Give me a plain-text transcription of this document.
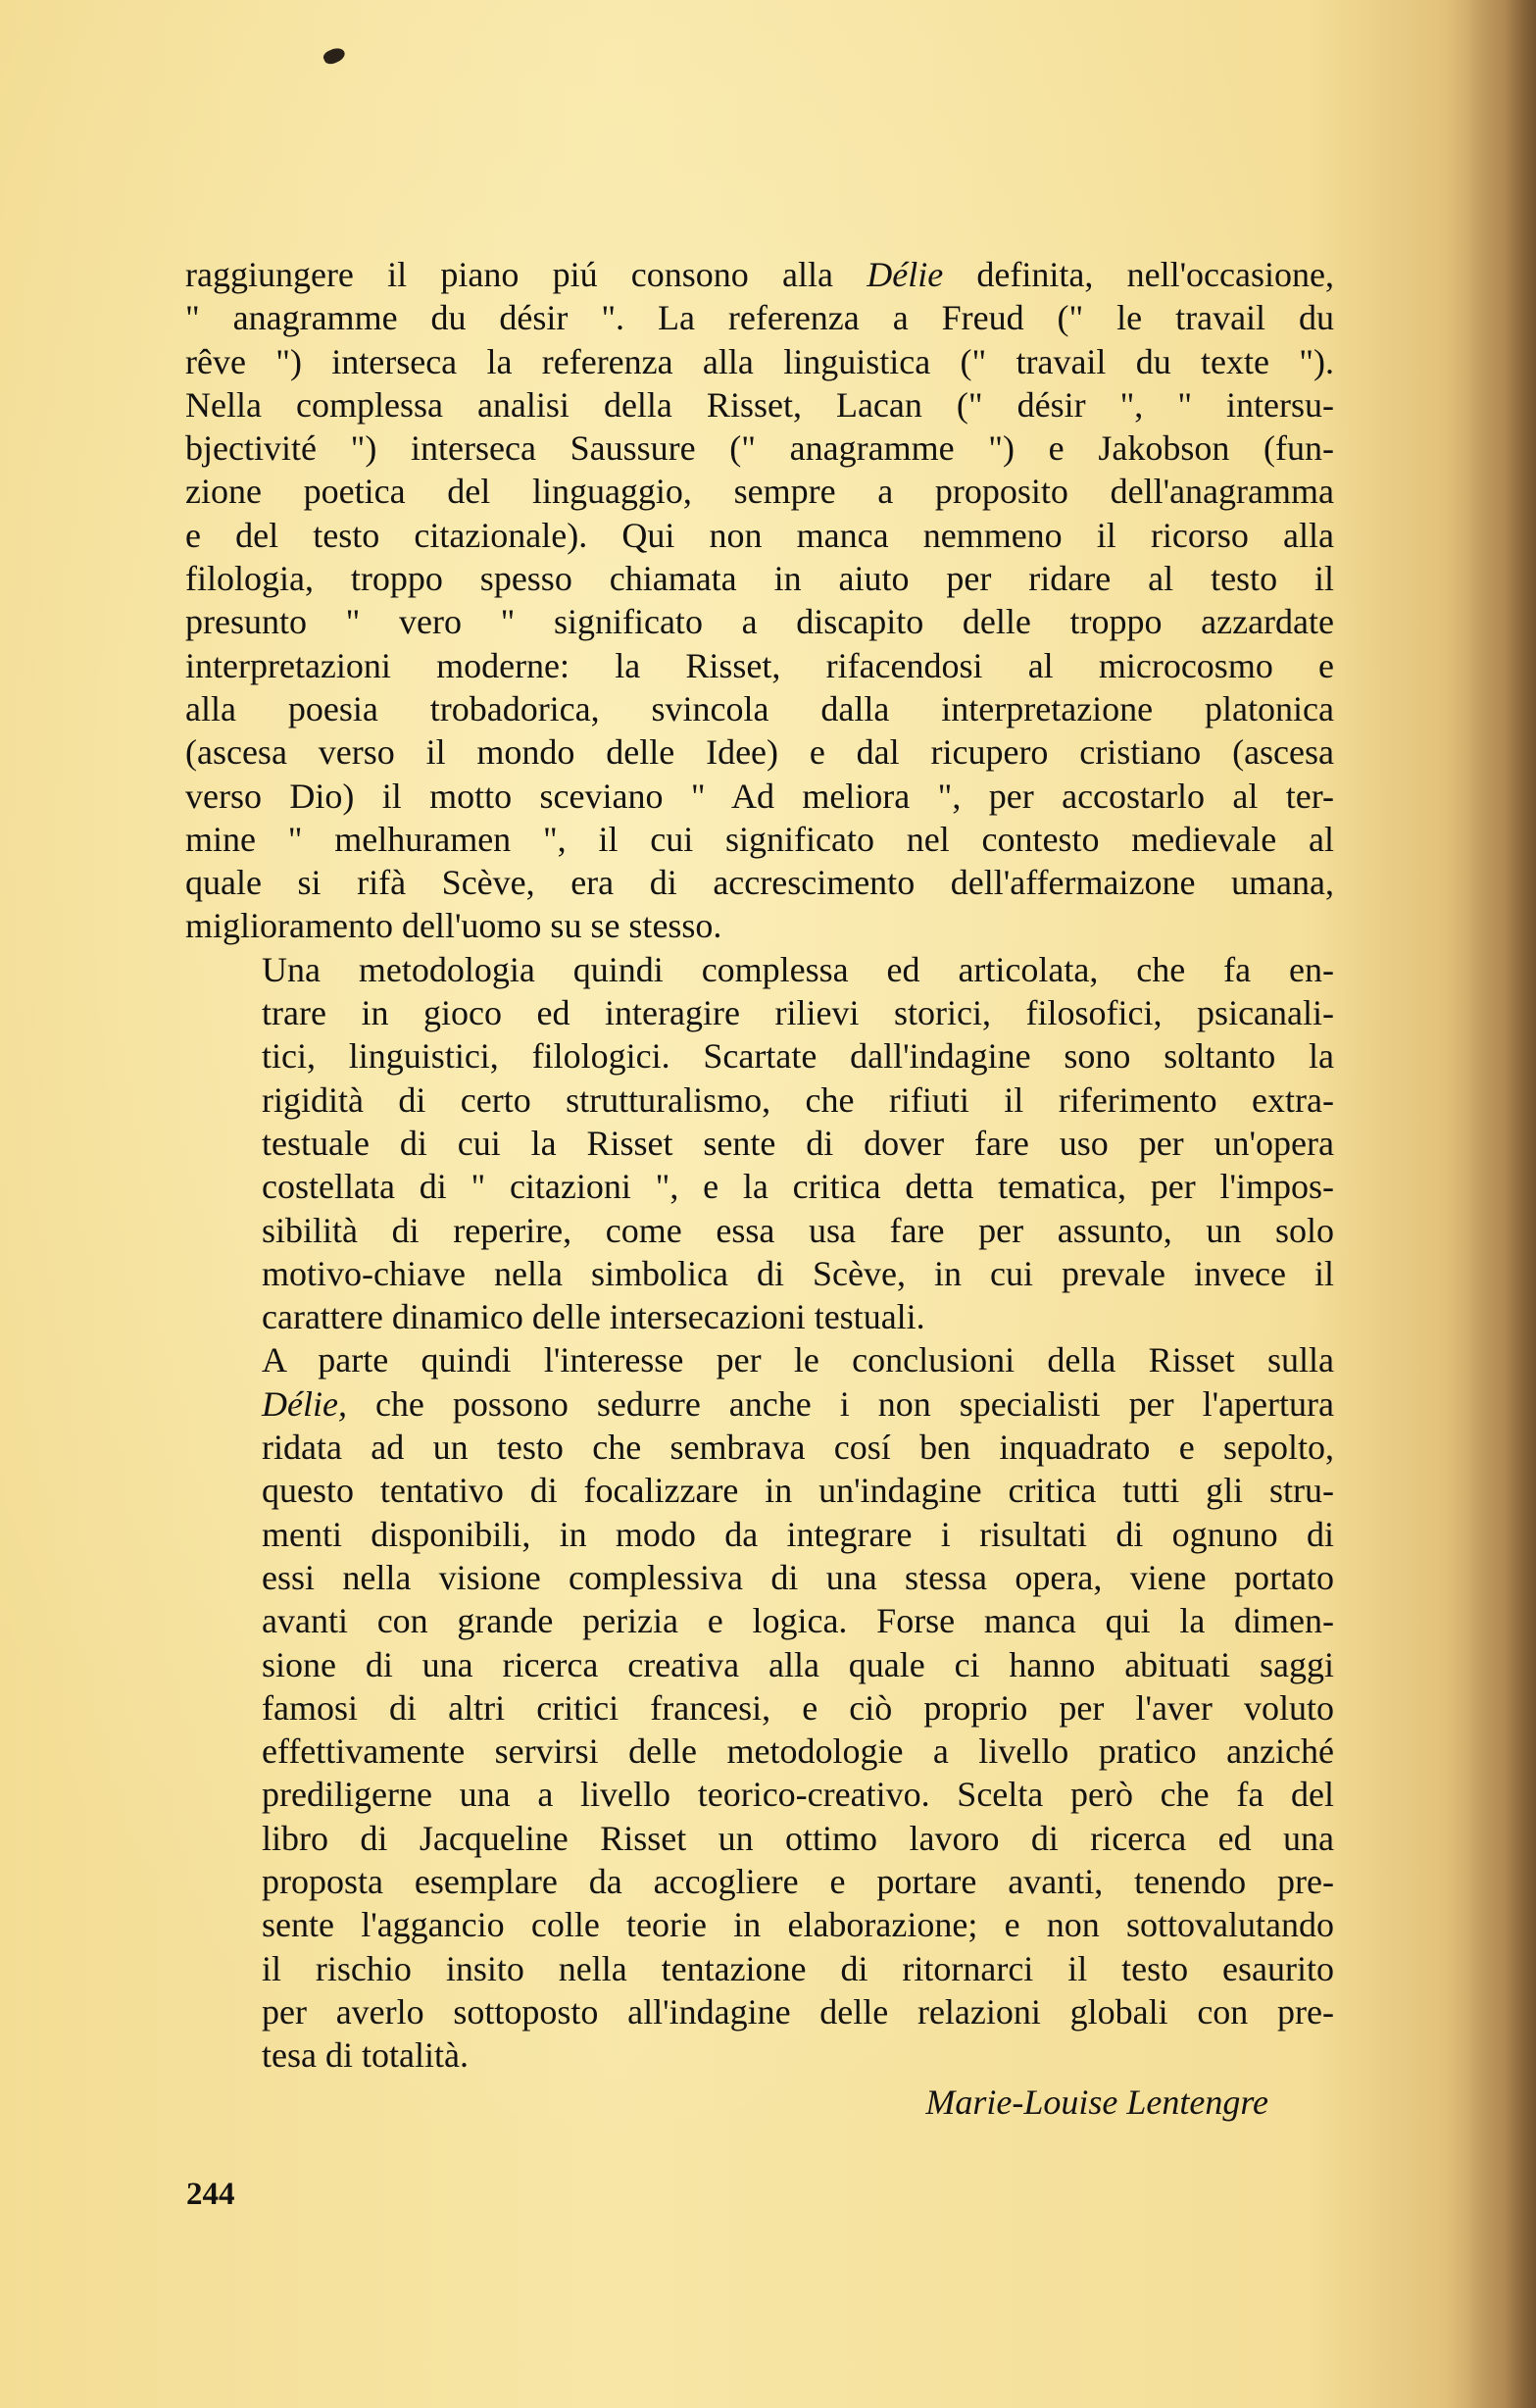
raggiungere il piano piú consono alla Délie definita, nell'occasione,
" anagramme du désir ". La referenza a Freud (" le travail du
rêve ") interseca la referenza alla linguistica (" travail du texte ").
Nella complessa analisi della Risset, Lacan (" désir ", " intersu-
bjectivité ") interseca Saussure (" anagramme ") e Jakobson (fun-
zione poetica del linguaggio, sempre a proposito dell'anagramma
e del testo citazionale). Qui non manca nemmeno il ricorso alla
filologia, troppo spesso chiamata in aiuto per ridare al testo il
presunto " vero " significato a discapito delle troppo azzardate
interpretazioni moderne: la Risset, rifacendosi al microcosmo e
alla poesia trobadorica, svincola dalla interpretazione platonica
(ascesa verso il mondo delle Idee) e dal ricupero cristiano (ascesa
verso Dio) il motto sceviano " Ad meliora ", per accostarlo al ter-
mine " melhuramen ", il cui significato nel contesto medievale al
quale si rifà Scève, era di accrescimento dell'affermaizone umana,
miglioramento dell'uomo su se stesso.
Una metodologia quindi complessa ed articolata, che fa en-
trare in gioco ed interagire rilievi storici, filosofici, psicanali-
tici, linguistici, filologici. Scartate dall'indagine sono soltanto la
rigidità di certo strutturalismo, che rifiuti il riferimento extra-
testuale di cui la Risset sente di dover fare uso per un'opera
costellata di " citazioni ", e la critica detta tematica, per l'impos-
sibilità di reperire, come essa usa fare per assunto, un solo
motivo-chiave nella simbolica di Scève, in cui prevale invece il
carattere dinamico delle intersecazioni testuali.
A parte quindi l'interesse per le conclusioni della Risset sulla
Délie, che possono sedurre anche i non specialisti per l'apertura
ridata ad un testo che sembrava cosí ben inquadrato e sepolto,
questo tentativo di focalizzare in un'indagine critica tutti gli stru-
menti disponibili, in modo da integrare i risultati di ognuno di
essi nella visione complessiva di una stessa opera, viene portato
avanti con grande perizia e logica. Forse manca qui la dimen-
sione di una ricerca creativa alla quale ci hanno abituati saggi
famosi di altri critici francesi, e ciò proprio per l'aver voluto
effettivamente servirsi delle metodologie a livello pratico anziché
prediligerne una a livello teorico-creativo. Scelta però che fa del
libro di Jacqueline Risset un ottimo lavoro di ricerca ed una
proposta esemplare da accogliere e portare avanti, tenendo pre-
sente l'aggancio colle teorie in elaborazione; e non sottovalutando
il rischio insito nella tentazione di ritornarci il testo esaurito
per averlo sottoposto all'indagine delle relazioni globali con pre-
tesa di totalità.
Marie-Louise Lentengre
244
